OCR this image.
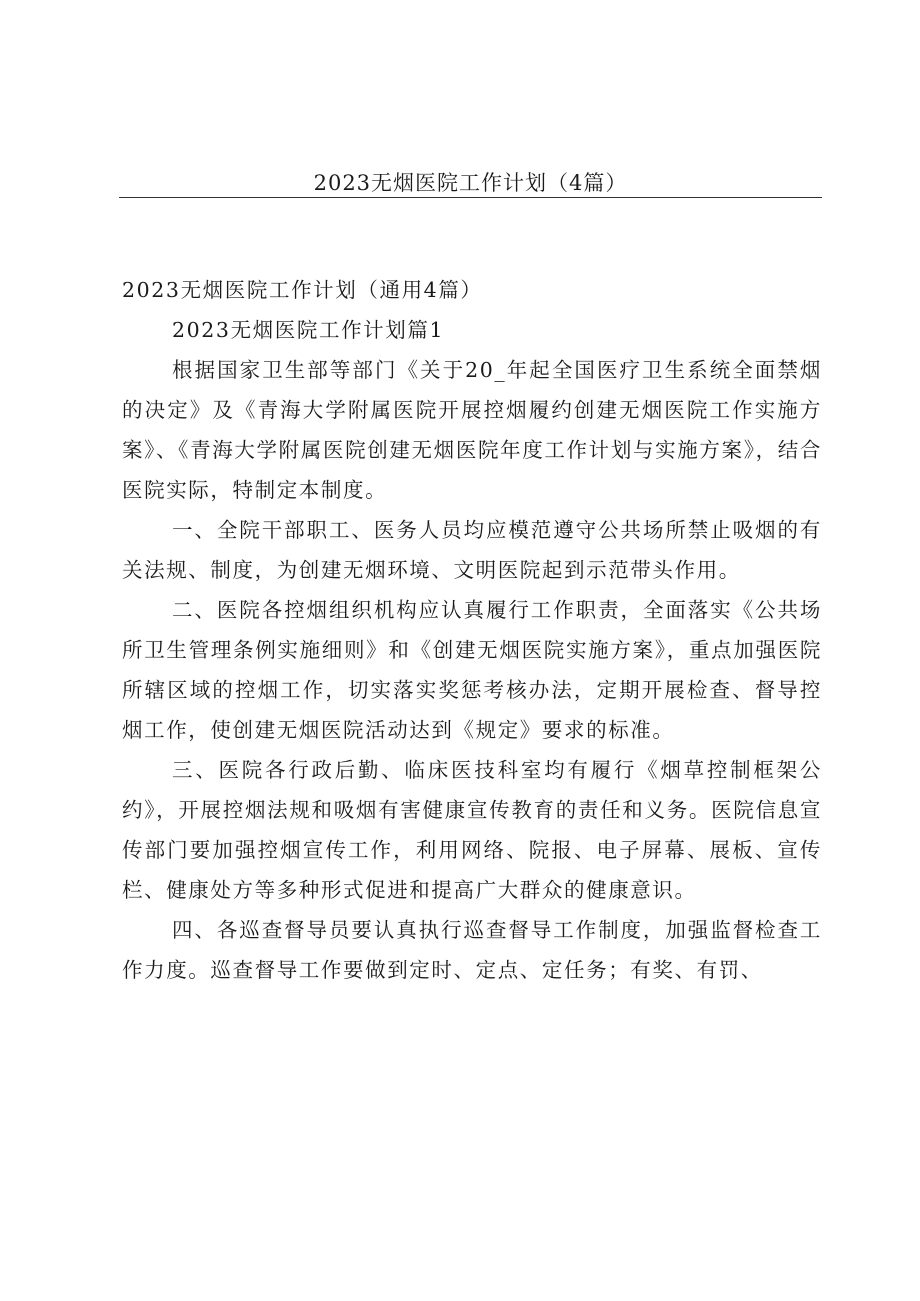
2023无烟医院工作计划（4篇）

2023无烟医院工作计划（通用4篇）

2023无烟医院工作计划篇1

根据国家卫生部等部门《关于20_年起全国医疗卫生系统全面禁烟的决定》及《青海大学附属医院开展控烟履约创建无烟医院工作实施方案》、《青海大学附属医院创建无烟医院年度工作计划与实施方案》，结合医院实际，特制定本制度。

一、全院干部职工、医务人员均应模范遵守公共场所禁止吸烟的有关法规、制度，为创建无烟环境、文明医院起到示范带头作用。

二、医院各控烟组织机构应认真履行工作职责，全面落实《公共场所卫生管理条例实施细则》和《创建无烟医院实施方案》，重点加强医院所辖区域的控烟工作，切实落实奖惩考核办法，定期开展检查、督导控烟工作，使创建无烟医院活动达到《规定》要求的标准。

三、医院各行政后勤、临床医技科室均有履行《烟草控制框架公约》，开展控烟法规和吸烟有害健康宣传教育的责任和义务。医院信息宣传部门要加强控烟宣传工作，利用网络、院报、电子屏幕、展板、宣传栏、健康处方等多种形式促进和提高广大群众的健康意识。

四、各巡查督导员要认真执行巡查督导工作制度，加强监督检查工作力度。巡查督导工作要做到定时、定点、定任务；有奖、有罚、
